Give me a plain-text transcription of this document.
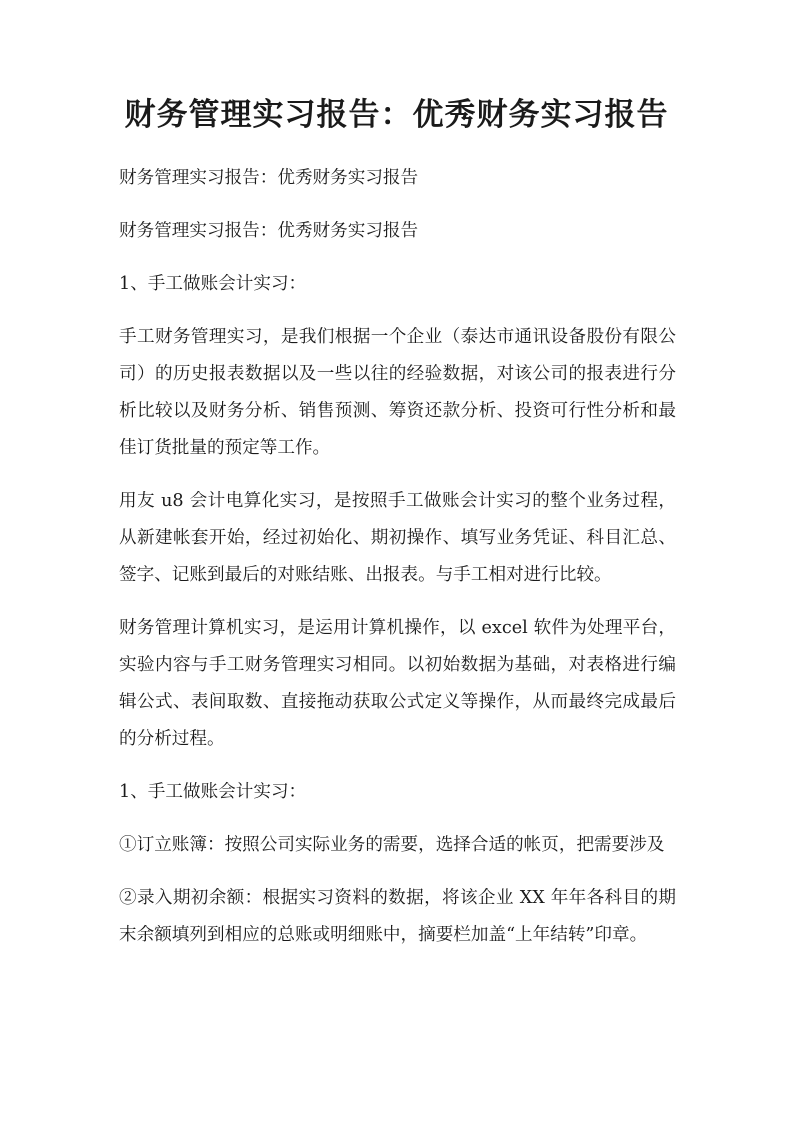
财务管理实习报告：优秀财务实习报告

财务管理实习报告：优秀财务实习报告

财务管理实习报告：优秀财务实习报告

1、手工做账会计实习：

手工财务管理实习，是我们根据一个企业（泰达市通讯设备股份有限公司）的历史报表数据以及一些以往的经验数据，对该公司的报表进行分析比较以及财务分析、销售预测、筹资还款分析、投资可行性分析和最佳订货批量的预定等工作。

用友 u8 会计电算化实习，是按照手工做账会计实习的整个业务过程，从新建帐套开始，经过初始化、期初操作、填写业务凭证、科目汇总、签字、记账到最后的对账结账、出报表。与手工相对进行比较。

财务管理计算机实习，是运用计算机操作，以 excel 软件为处理平台，实验内容与手工财务管理实习相同。以初始数据为基础，对表格进行编辑公式、表间取数、直接拖动获取公式定义等操作，从而最终完成最后的分析过程。

1、手工做账会计实习：

①订立账簿：按照公司实际业务的需要，选择合适的帐页，把需要涉及

②录入期初余额：根据实习资料的数据，将该企业 XX 年年各科目的期末余额填列到相应的总账或明细账中，摘要栏加盖“上年结转”印章。
